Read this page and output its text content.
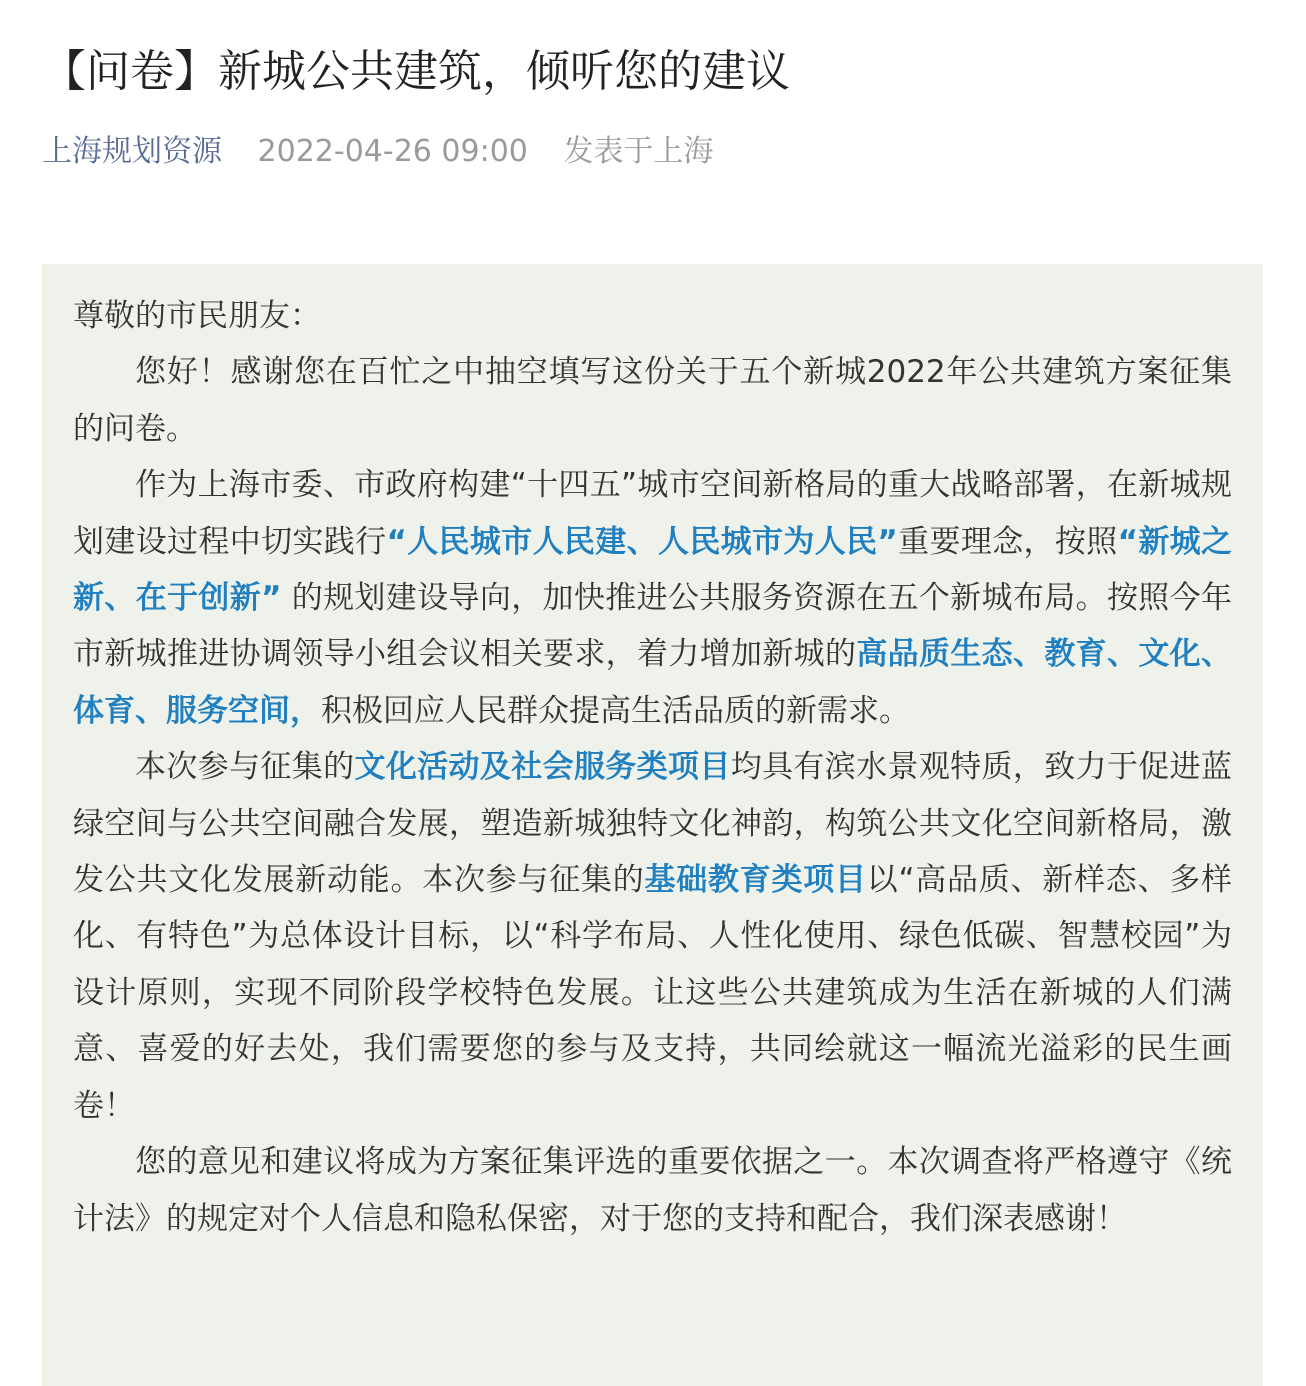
【问卷】新城公共建筑，倾听您的建议
上海规划资源 2022-04-26 09:00 发表于上海

尊敬的市民朋友：

您好！感谢您在百忙之中抽空填写这份关于五个新城2022年公共建筑方案征集的问卷。

作为上海市委、市政府构建“十四五”城市空间新格局的重大战略部署，在新城规划建设过程中切实践行“人民城市人民建、人民城市为人民”重要理念，按照“新城之新、在于创新” 的规划建设导向，加快推进公共服务资源在五个新城布局。按照今年市新城推进协调领导小组会议相关要求，着力增加新城的高品质生态、教育、文化、体育、服务空间，积极回应人民群众提高生活品质的新需求。

本次参与征集的文化活动及社会服务类项目均具有滨水景观特质，致力于促进蓝绿空间与公共空间融合发展，塑造新城独特文化神韵，构筑公共文化空间新格局，激发公共文化发展新动能。本次参与征集的基础教育类项目以“高品质、新样态、多样化、有特色”为总体设计目标，以“科学布局、人性化使用、绿色低碳、智慧校园”为设计原则，实现不同阶段学校特色发展。让这些公共建筑成为生活在新城的人们满意、喜爱的好去处，我们需要您的参与及支持，共同绘就这一幅流光溢彩的民生画卷！

您的意见和建议将成为方案征集评选的重要依据之一。本次调查将严格遵守《统计法》的规定对个人信息和隐私保密，对于您的支持和配合，我们深表感谢！
